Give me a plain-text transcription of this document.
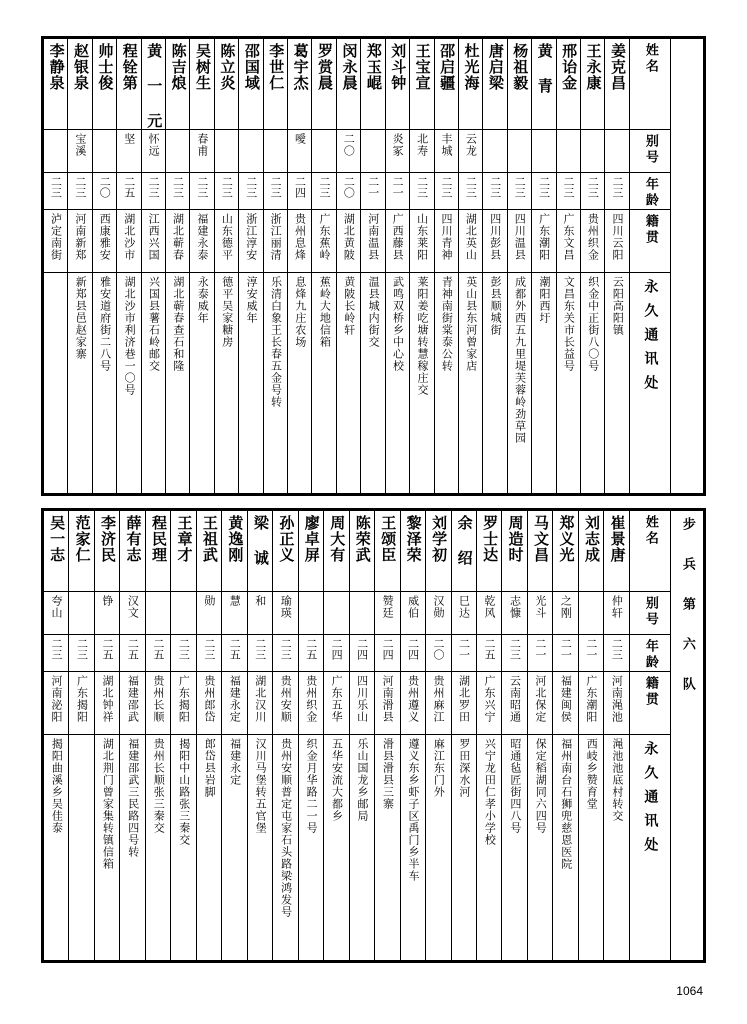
李静泉	赵银泉	帅士俊	程铨第	黄 一 元	陈吉烺	吴树生	陈立炎	邵国域	李世仁	葛宇杰	罗赏晨	闵永晨	郑玉崐	刘斗钟	王宝宣	邵启疆	杜光海	唐启梁	杨祖毅	黄 青	邢诒金	王永康	姜克昌	姓名	

	宝溪		坚	怀远		春甫				噯		二〇		炎冢	北寿	丰城	云龙							别号	

二三	二三	二〇	二五	二三	二三	二三	二三	二三	二三	二四	二三	二〇	二一	二一	二三	二三	二三	二三	二三	二三	二三	二三	二三	年龄	

泸定南街	河南新郑	西康雅安	湖北沙市	江西兴国	湖北蕲春	福建永泰	山东德平	浙江淳安	浙江丽清	贵州息烽	广东蕉岭	湖北黄陂	河南温县	广西藤县	山东莱阳	四川青神	湖北英山	四川彭县	四川温县	广东潮阳	广东文昌	贵州织金	四川云阳	籍贯	

	新郑县邑赵家寨	雅安道府街二八号	湖北沙市利济巷一〇号	兴国县薯石岭邮交	湖北蕲春查石和隆	永泰威年	德平吴家糖房	淳安威年	乐清白象王长春五金号转	息烽九庄农场	蕉岭大地信箱	黄陂长岭轩	温县城内街交	武鸣双桥乡中心校	莱阳姜吃塘转慧稼庄交	青神南街棠泰公转	英山县东河曾家店	彭县顺城街	成都外西五九里堤芙蓉岭劲草园	潮阳西圩	文昌东关市长益号	织金中正街八〇号	云阳高阳镇	永久通讯处	
吴一志	范家仁	李济民	薛有志	程民理	王章才	王祖武	黄逸刚	梁 诚	孙正义	廖卓屏	周大有	陈荣武	王颂臣	黎泽荣	刘学初	余 绍	罗士达	周造时	马文昌	郑义光	刘志成	崔景唐	姓名	步 兵 第 六 队

夸山		铮	汉文			勋	慧	和	瑜瑛				赞廷	威伯	汉勋	巳达	乾风	志慷	光斗	之刚		仲轩	别号	

二三	二三	二五	二五	二五	二三	二三	二五	二三	二三	二五	二四	二四	二四	二四	二〇	二一	二五	二三	二一	二一	二一	二三	年龄	

河南泌阳	广东揭阳	湖北钟祥	福建邵武	贵州长顺	广东揭阳	贵州郎岱	福建永定	湖北汉川	贵州安顺	贵州织金	广东五华	四川乐山	河南滑县	贵州遵义	贵州麻江	湖北罗田	广东兴宁	云南昭通	河北保定	福建闽侯	广东潮阳	河南渑池	籍贯	

揭阳曲溪乡吴佳泰		湖北荆门曾家集转镇信箱	福建邵武三民路四号转	贵州长顺张三秦交	揭阳中山路张三秦交	郎岱县岩脚	福建永定	汉川马堡转五官堡	贵州安顺普定屯家石头路梁鸿发号	织金月华路二一号	五华安流大都乡	乐山国龙乡邮局	滑县滑县三寨	遵义东乡虾子区禹门乡半车	麻江东门外	罗田深水河	兴宁龙田仁孝小学校	昭通毡匠街四八号	保定稻湖同六四号	福州南台石狮兜慈恩医院	西岐乡赞育堂	渑池池底村转交	永久通讯处	
1064
